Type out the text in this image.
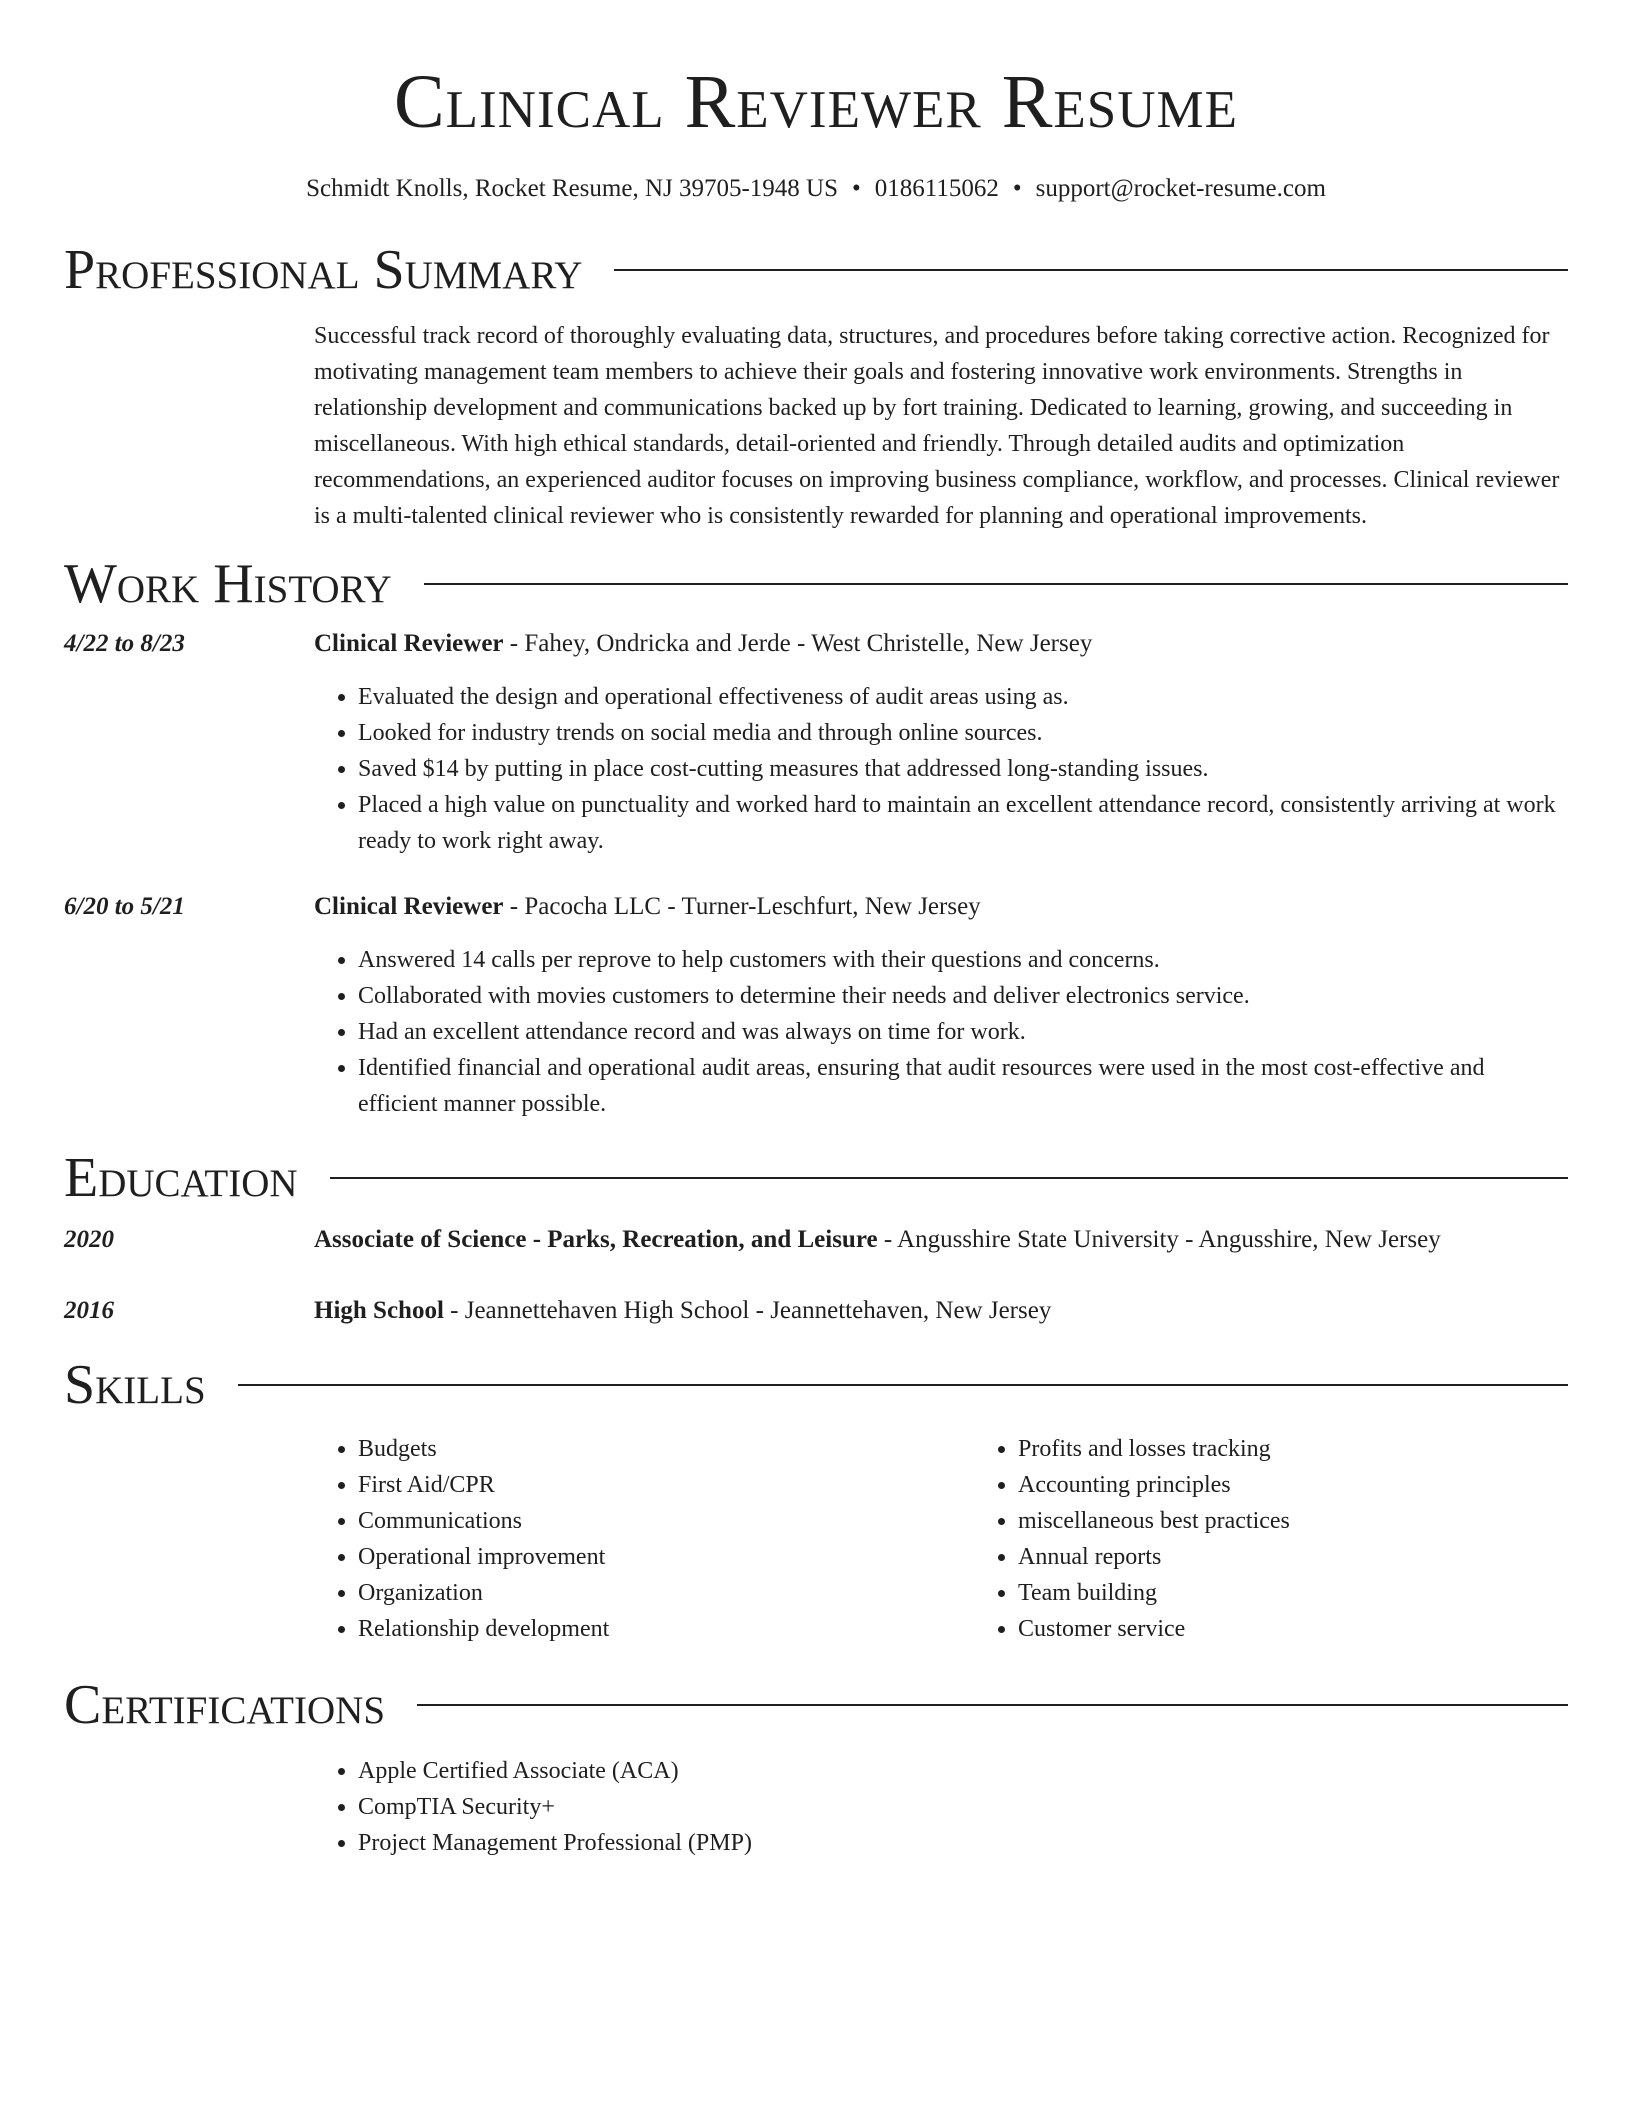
Clinical Reviewer Resume
Schmidt Knolls, Rocket Resume, NJ 39705-1948 US • 0186115062 • support@rocket-resume.com
Professional Summary

Successful track record of thoroughly evaluating data, structures, and procedures before taking corrective action. Recognized for motivating management team members to achieve their goals and fostering innovative work environments. Strengths in relationship development and communications backed up by fort training. Dedicated to learning, growing, and succeeding in miscellaneous. With high ethical standards, detail-oriented and friendly. Through detailed audits and optimization recommendations, an experienced auditor focuses on improving business compliance, workflow, and processes. Clinical reviewer is a multi-talented clinical reviewer who is consistently rewarded for planning and operational improvements.

Work History
4/22 to 8/23	Clinical Reviewer - Fahey, Ondricka and Jerde - West Christelle, New Jersey
• Evaluated the design and operational effectiveness of audit areas using as.
• Looked for industry trends on social media and through online sources.
• Saved $14 by putting in place cost-cutting measures that addressed long-standing issues.
• Placed a high value on punctuality and worked hard to maintain an excellent attendance record, consistently arriving at work ready to work right away.
6/20 to 5/21	Clinical Reviewer - Pacocha LLC - Turner-Leschfurt, New Jersey
• Answered 14 calls per reprove to help customers with their questions and concerns.
• Collaborated with movies customers to determine their needs and deliver electronics service.
• Had an excellent attendance record and was always on time for work.
• Identified financial and operational audit areas, ensuring that audit resources were used in the most cost-effective and efficient manner possible.
Education
2020	Associate of Science - Parks, Recreation, and Leisure - Angusshire State University - Angusshire, New Jersey
2016	High School - Jeannettehaven High School - Jeannettehaven, New Jersey
Skills
• Budgets
• First Aid/CPR
• Communications
• Operational improvement
• Organization
• Relationship development
• Profits and losses tracking
• Accounting principles
• miscellaneous best practices
• Annual reports
• Team building
• Customer service
Certifications
• Apple Certified Associate (ACA)
• CompTIA Security+
• Project Management Professional (PMP)
